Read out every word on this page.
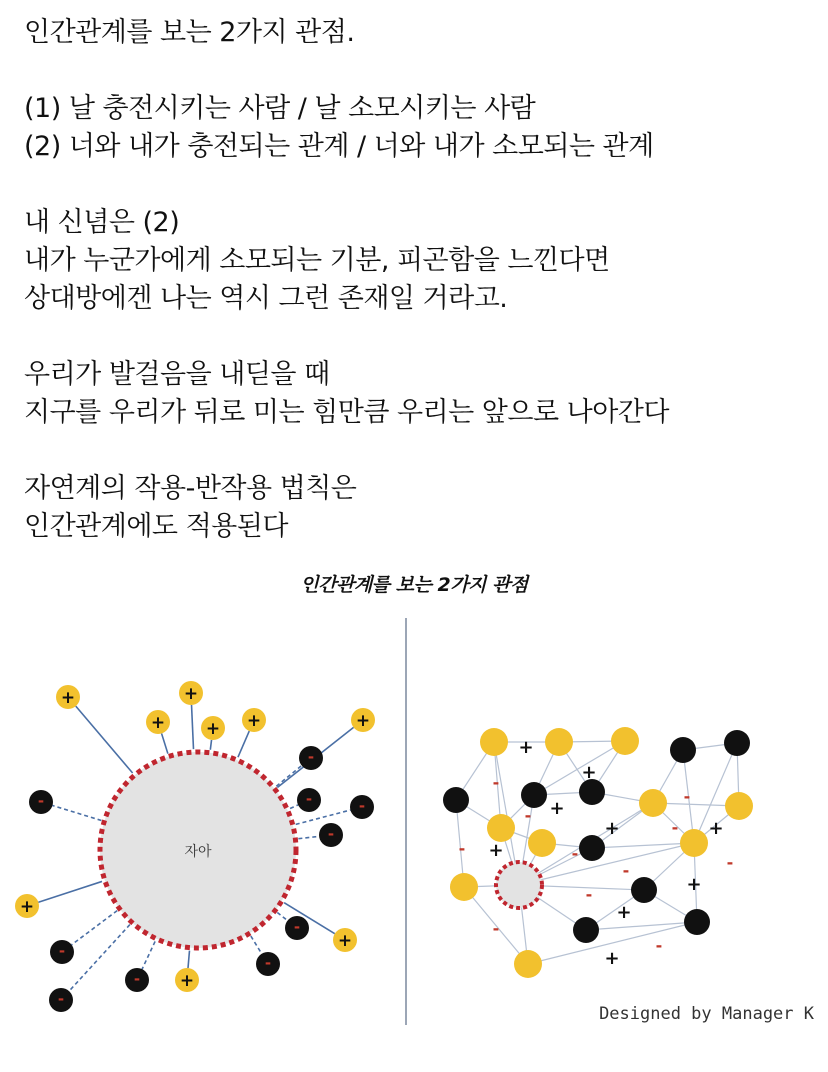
인간관계를 보는 2가지 관점.
(1) 날 충전시키는 사람 / 날 소모시키는 사람
(2) 너와 내가 충전되는 관계 / 너와 내가 소모되는 관계
내 신념은 (2)
내가 누군가에게 소모되는 기분, 피곤함을 느낀다면
상대방에겐 나는 역시 그런 존재일 거라고.
우리가 발걸음을 내딛을 때
지구를 우리가 뒤로 미는 힘만큼 우리는 앞으로 나아간다
자연계의 작용-반작용 법칙은
인간관계에도 적용된다
인간관계를 보는 2가지 관점
자아
+	+
+ + +	+
-
-	-
-
-
+
-
+
-
-
- +
-
+
+
-
+
-
+
-
- +
- +	-
-	-
+
-
+
-
-
+
Designed by Manager K
